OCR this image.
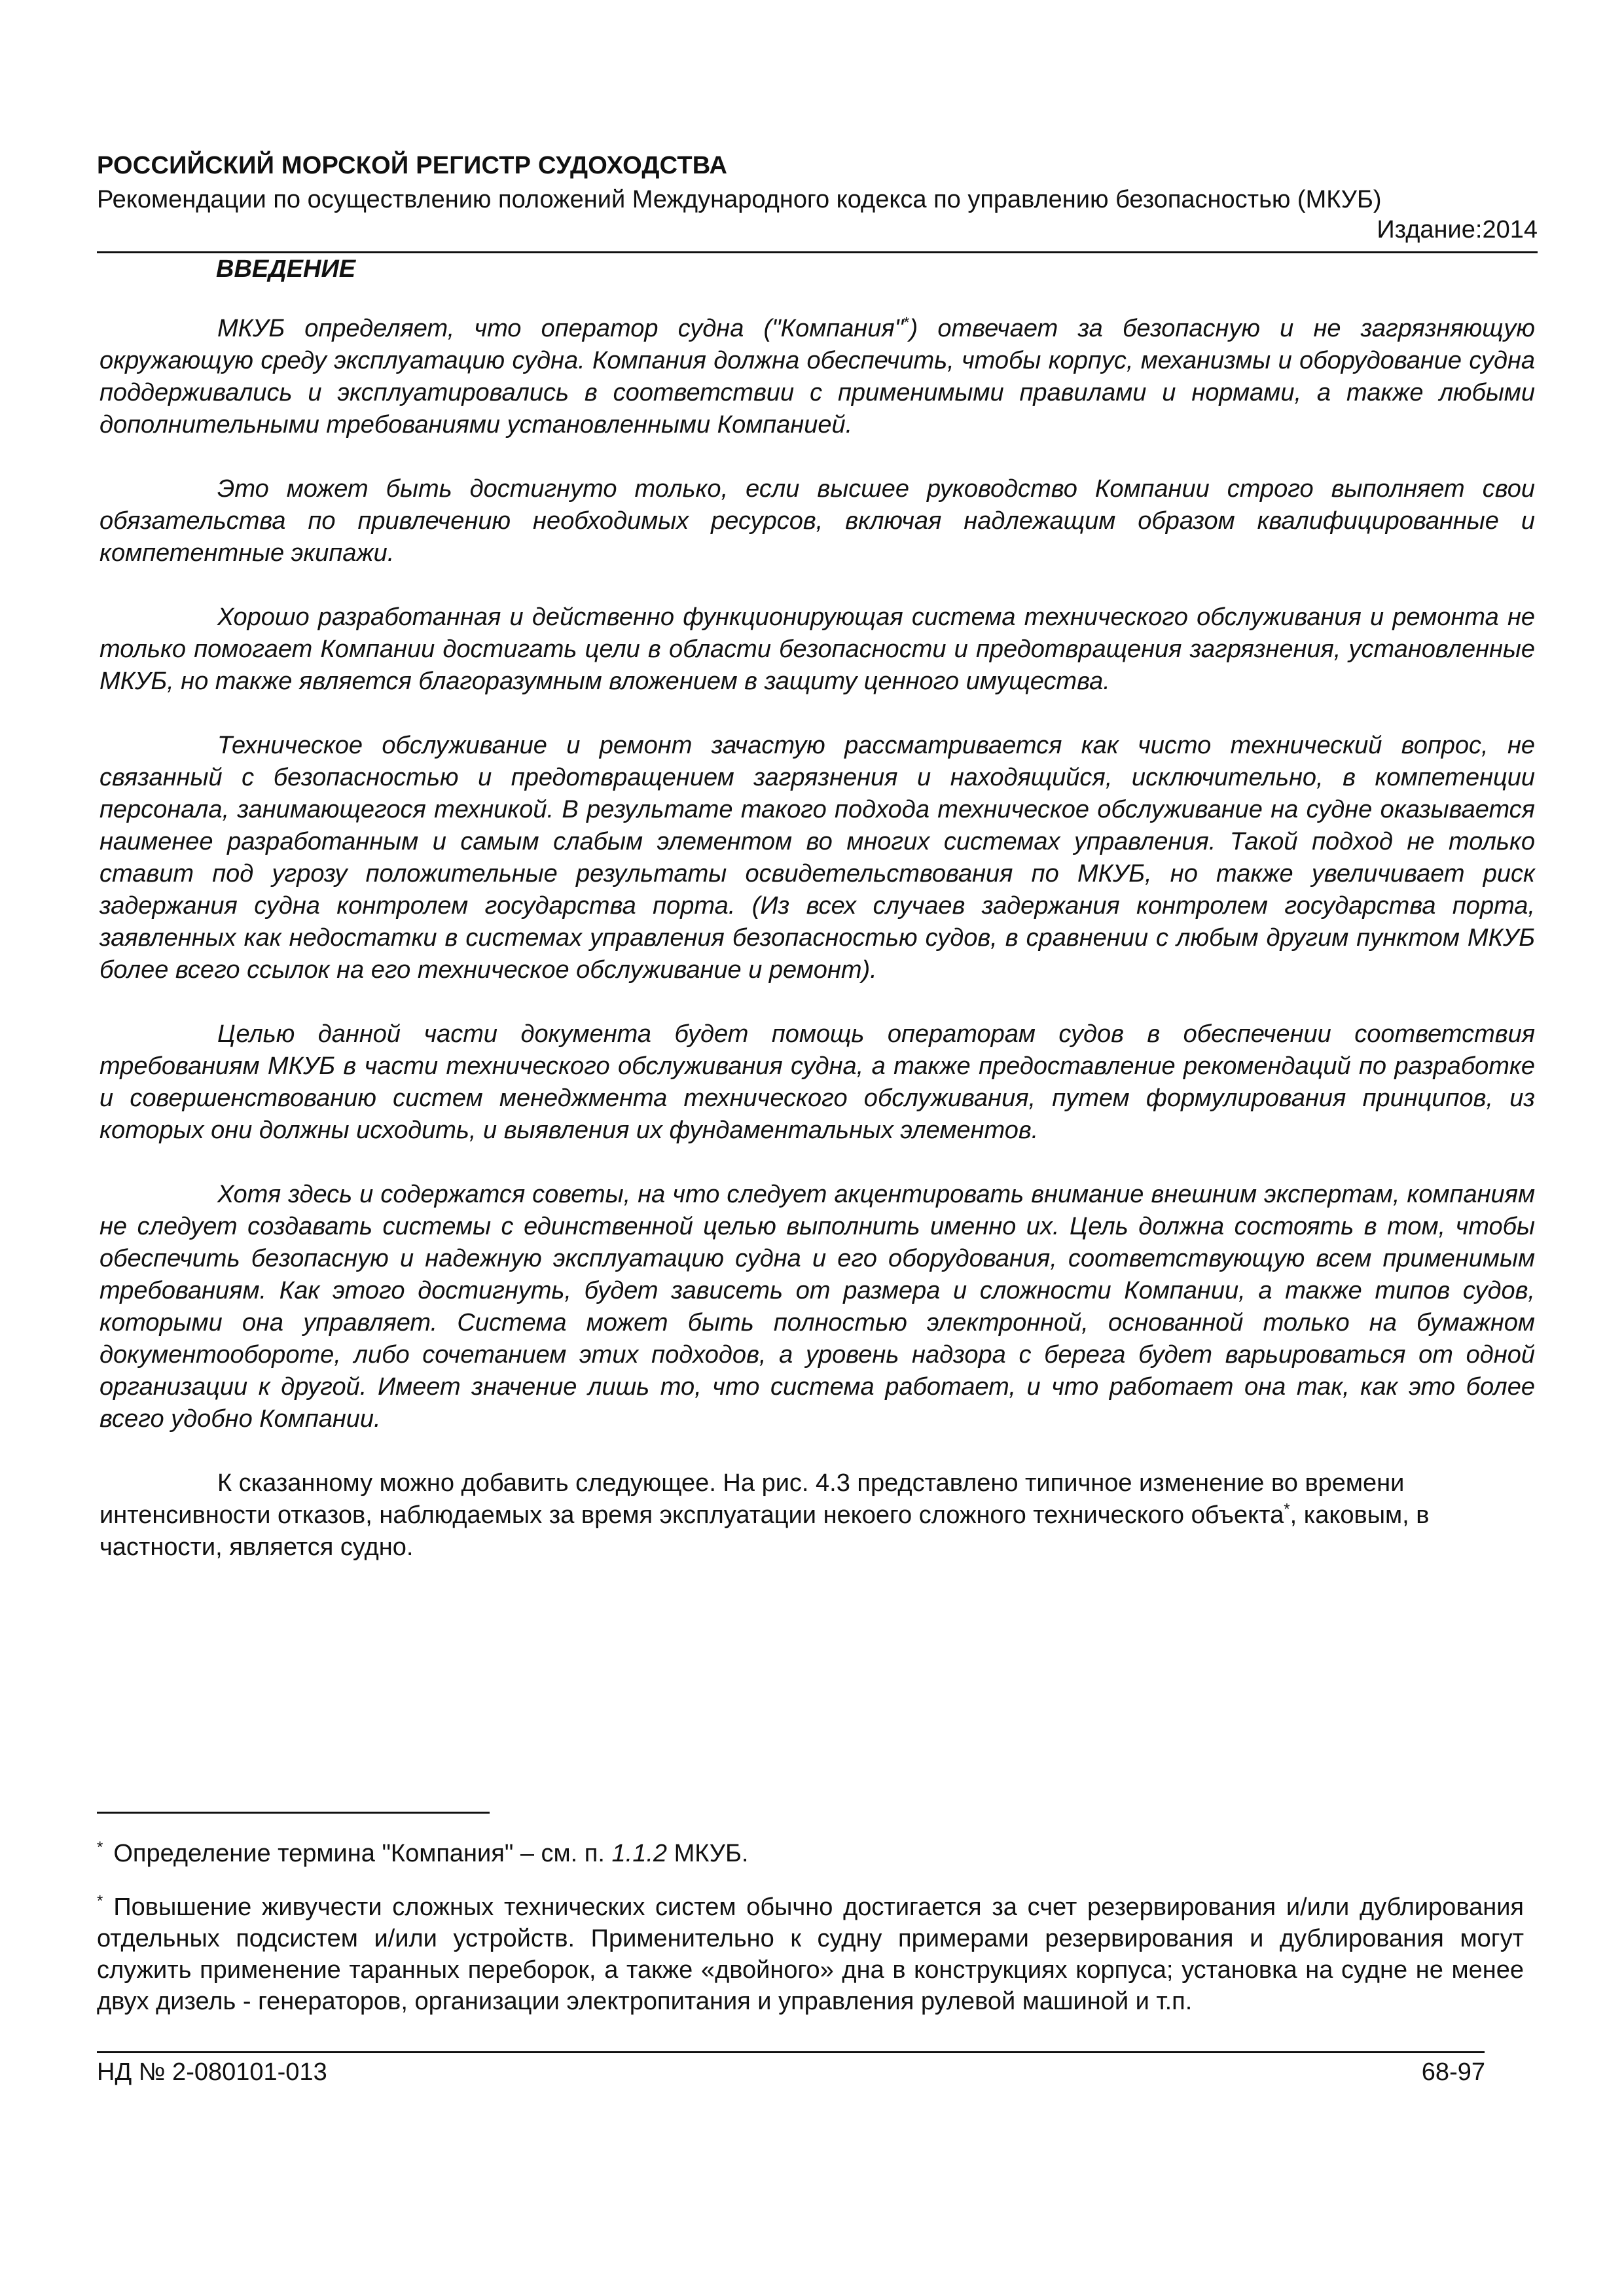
РОССИЙСКИЙ МОРСКОЙ РЕГИСТР СУДОХОДСТВА
Рекомендации по осуществлению положений Международного кодекса по управлению безопасностью (МКУБ)
Издание:2014
ВВЕДЕНИЕ

МКУБ определяет, что оператор судна ("Компания"*) отвечает за безопасную и не загрязняющую окружающую среду эксплуатацию судна. Компания должна обеспечить, чтобы корпус, механизмы и оборудование судна поддерживались и эксплуатировались в соответствии с применимыми правилами и нормами, а также любыми дополнительными требованиями установленными Компанией.

Это может быть достигнуто только, если высшее руководство Компании строго выполняет свои обязательства по привлечению необходимых ресурсов, включая надлежащим образом квалифицированные и компетентные экипажи.

Хорошо разработанная и действенно функционирующая система технического обслуживания и ремонта не только помогает Компании достигать цели в области безопасности и предотвращения загрязнения, установленные МКУБ, но также является благоразумным вложением в защиту ценного имущества.

Техническое обслуживание и ремонт зачастую рассматривается как чисто технический вопрос, не связанный с безопасностью и предотвращением загрязнения и находящийся, исключительно, в компетенции персонала, занимающегося техникой. В результате такого подхода техническое обслуживание на судне оказывается наименее разработанным и самым слабым элементом во многих системах управления. Такой подход не только ставит под угрозу положительные результаты освидетельствования по МКУБ, но также увеличивает риск задержания судна контролем государства порта. (Из всех случаев задержания контролем государства порта, заявленных как недостатки в системах управления безопасностью судов, в сравнении с любым другим пунктом МКУБ более всего ссылок на его техническое обслуживание и ремонт).

Целью данной части документа будет помощь операторам судов в обеспечении соответствия требованиям МКУБ в части технического обслуживания судна, а также предоставление рекомендаций по разработке и совершенствованию систем менеджмента технического обслуживания, путем формулирования принципов, из которых они должны исходить, и выявления их фундаментальных элементов.

Хотя здесь и содержатся советы, на что следует акцентировать внимание внешним экспертам, компаниям не следует создавать системы с единственной целью выполнить именно их. Цель должна состоять в том, чтобы обеспечить безопасную и надежную эксплуатацию судна и его оборудования, соответствующую всем применимым требованиям. Как этого достигнуть, будет зависеть от размера и сложности Компании, а также типов судов, которыми она управляет. Система может быть полностью электронной, основанной только на бумажном документообороте, либо сочетанием этих подходов, а уровень надзора с берега будет варьироваться от одной организации к другой. Имеет значение лишь то, что система работает, и что работает она так, как это более всего удобно Компании.

К сказанному можно добавить следующее. На рис. 4.3 представлено типичное изменение во времени интенсивности отказов, наблюдаемых за время эксплуатации некоего сложного технического объекта*, каковым, в частности, является судно.

* Определение термина "Компания" – см. п. 1.1.2 МКУБ.
* Повышение живучести сложных технических систем обычно достигается за счет резервирования и/или дублирования отдельных подсистем и/или устройств. Применительно к судну примерами резервирования и дублирования могут служить применение таранных переборок, а также «двойного» дна в конструкциях корпуса; установка на судне не менее двух дизель - генераторов, организации электропитания и управления рулевой машиной и т.п.
НД № 2-080101-013	68-97
